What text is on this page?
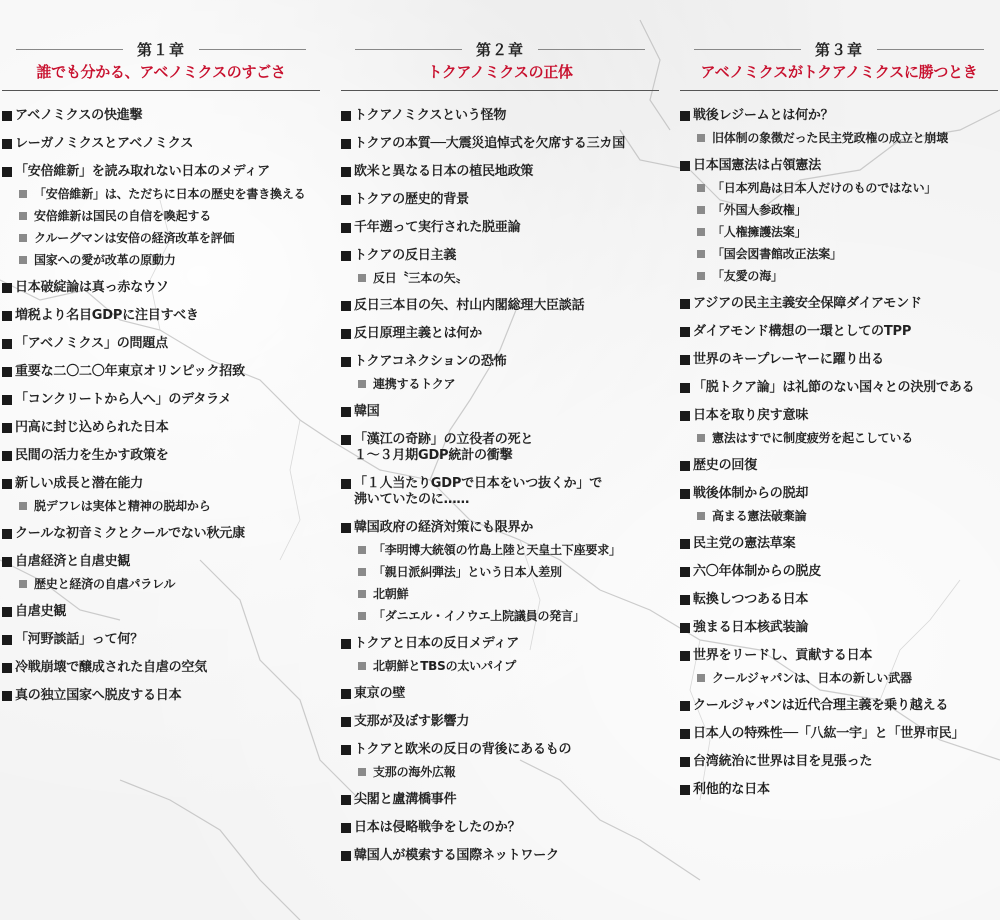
第１章
誰でも分かる、アベノミクスのすごさ
アベノミクスの快進撃
レーガノミクスとアベノミクス
「安倍維新」を読み取れない日本のメディア
「安倍維新」は、ただちに日本の歴史を書き換える
安倍維新は国民の自信を喚起する
クルーグマンは安倍の経済改革を評価
国家への愛が改革の原動力
日本破綻論は真っ赤なウソ
増税より名目GDPに注目すべき
「アベノミクス」の問題点
重要な二〇二〇年東京オリンピック招致
「コンクリートから人へ」のデタラメ
円高に封じ込められた日本
民間の活力を生かす政策を
新しい成長と潜在能力
脱デフレは実体と精神の脱却から
クールな初音ミクとクールでない秋元康
自虐経済と自虐史観
歴史と経済の自虐パラレル
自虐史観
「河野談話」って何？
冷戦崩壊で醸成された自虐の空気
真の独立国家へ脱皮する日本
第２章
トクアノミクスの正体
トクアノミクスという怪物
トクアの本質──大震災追悼式を欠席する三カ国
欧米と異なる日本の植民地政策
トクアの歴史的背景
千年遡って実行された脱亜論
トクアの反日主義
反日〝三本の矢〟
反日三本目の矢、村山内閣総理大臣談話
反日原理主義とは何か
トクアコネクションの恐怖
連携するトクア
韓国
「漢江の奇跡」の立役者の死と
１〜３月期GDP統計の衝撃
「１人当たりGDPで日本をいつ抜くか」で
沸いていたのに……
韓国政府の経済対策にも限界か
「李明博大統領の竹島上陸と天皇土下座要求」
「親日派糾弾法」という日本人差別
北朝鮮
「ダニエル・イノウエ上院議員の発言」
トクアと日本の反日メディア
北朝鮮とTBSの太いパイプ
東京の壁
支那が及ぼす影響力
トクアと欧米の反日の背後にあるもの
支那の海外広報
尖閣と盧溝橋事件
日本は侵略戦争をしたのか？
韓国人が模索する国際ネットワーク
第３章
アベノミクスがトクアノミクスに勝つとき
戦後レジームとは何か？
旧体制の象徴だった民主党政権の成立と崩壊
日本国憲法は占領憲法
「日本列島は日本人だけのものではない」
「外国人参政権」
「人権擁護法案」
「国会図書館改正法案」
「友愛の海」
アジアの民主主義安全保障ダイアモンド
ダイアモンド構想の一環としてのTPP
世界のキープレーヤーに躍り出る
「脱トクア論」は礼節のない国々との決別である
日本を取り戻す意味
憲法はすでに制度疲労を起こしている
歴史の回復
戦後体制からの脱却
高まる憲法破棄論
民主党の憲法草案
六〇年体制からの脱皮
転換しつつある日本
強まる日本核武装論
世界をリードし、貢献する日本
クールジャパンは、日本の新しい武器
クールジャパンは近代合理主義を乗り越える
日本人の特殊性──「八紘一宇」と「世界市民」
台湾統治に世界は目を見張った
利他的な日本
